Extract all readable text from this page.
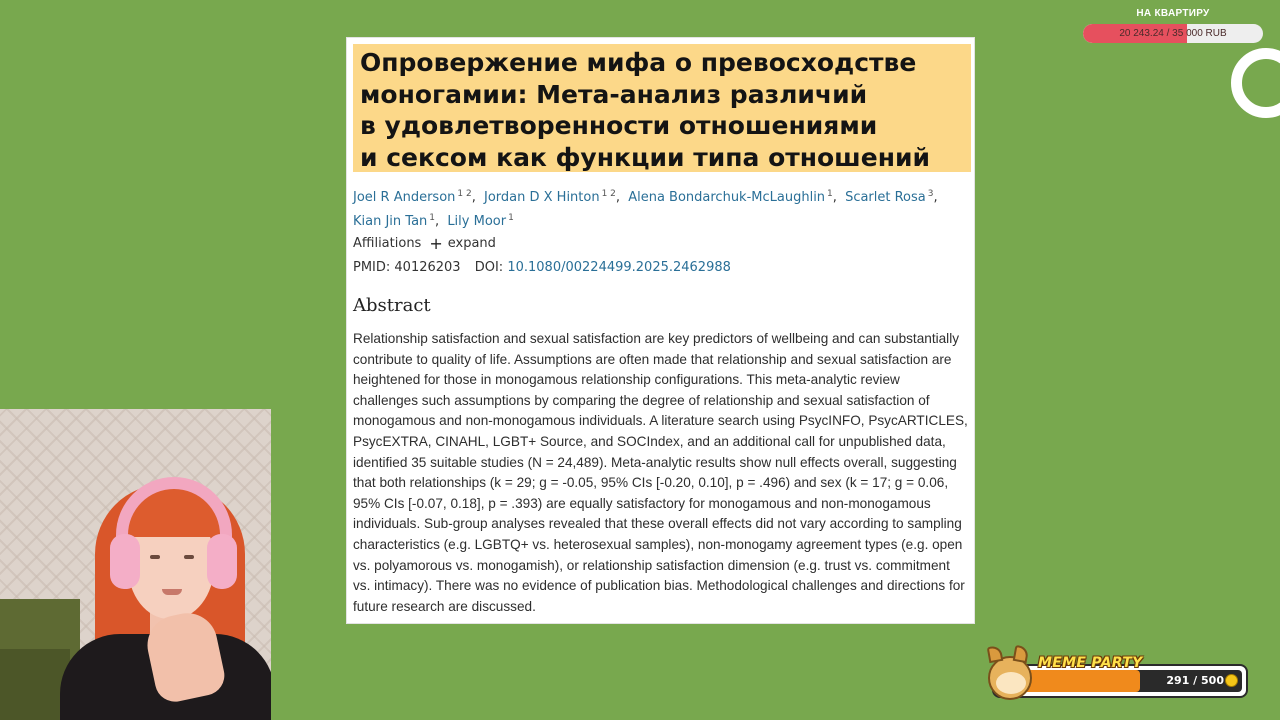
Опровержение мифа о превосходстве
моногамии: Мета-анализ различий
в удовлетворенности отношениями
и сексом как функции типа отношений
Joel R Anderson $^{1 2}$, Jordan D X Hinton $^{1 2}$, Alena Bondarchuk-McLaughlin $^1$, Scarlet Rosa $^3$,
Kian Jin Tan $^1$, Lily Moor $^1$
Affiliations + expand
PMID: 40126203 DOI: 10.1080/00224499.2025.2462988
Abstract
Relationship satisfaction and sexual satisfaction are key predictors of wellbeing and can substantially
contribute to quality of life. Assumptions are often made that relationship and sexual satisfaction are
heightened for those in monogamous relationship configurations. This meta-analytic review
challenges such assumptions by comparing the degree of relationship and sexual satisfaction of
monogamous and non-monogamous individuals. A literature search using PsycINFO, PsycARTICLES,
PsycEXTRA, CINAHL, LGBT+ Source, and SOCIndex, and an additional call for unpublished data,
identified 35 suitable studies (N = 24,489). Meta-analytic results show null effects overall, suggesting
that both relationships (k = 29; g = -0.05, 95% CIs [-0.20, 0.10], p = .496) and sex (k = 17; g = 0.06,
95% CIs [-0.07, 0.18], p = .393) are equally satisfactory for monogamous and non-monogamous
individuals. Sub-group analyses revealed that these overall effects did not vary according to sampling
characteristics (e.g. LGBTQ+ vs. heterosexual samples), non-monogamy agreement types (e.g. open
vs. polyamorous vs. monogamish), or relationship satisfaction dimension (e.g. trust vs. commitment
vs. intimacy). There was no evidence of publication bias. Methodological challenges and directions for
future research are discussed.
НА КВАРТИРУ
20 243.24 / 35 000 RUB
MEME PARTY
291 / 500
